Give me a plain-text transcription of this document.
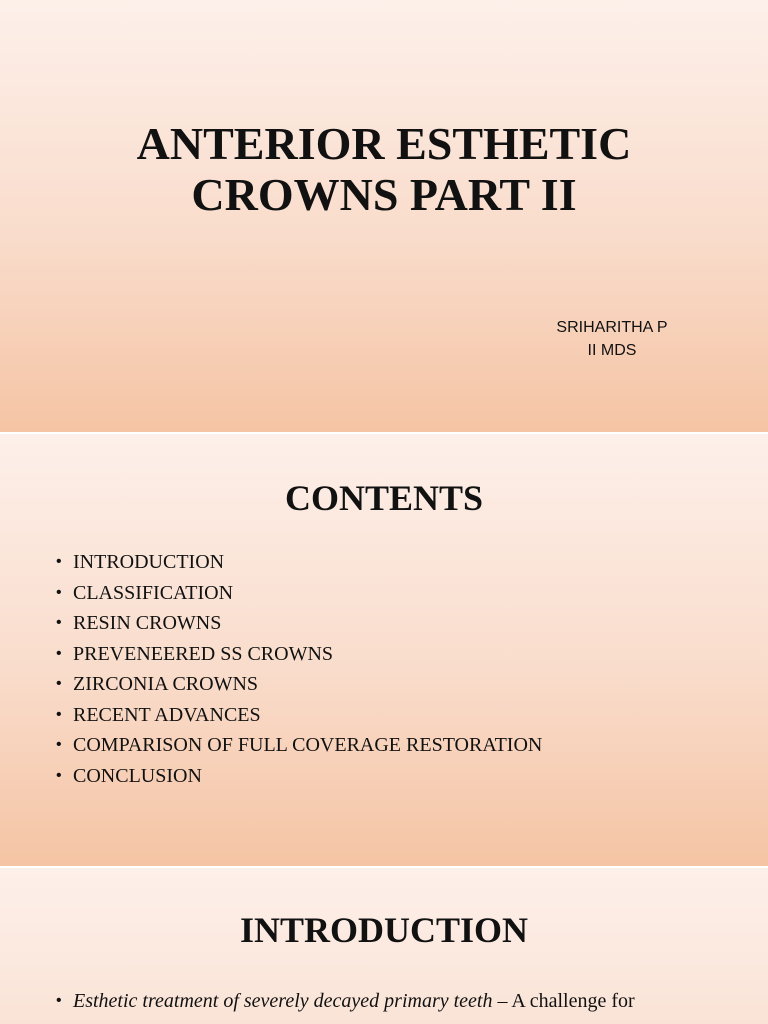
ANTERIOR ESTHETIC
CROWNS PART II
SRIHARITHA P
II MDS
CONTENTS
• INTRODUCTION
• CLASSIFICATION
• RESIN CROWNS
• PREVENEERED SS CROWNS
• ZIRCONIA CROWNS
• RECENT ADVANCES
• COMPARISON OF FULL COVERAGE RESTORATION
• CONCLUSION
INTRODUCTION
• Esthetic treatment of severely decayed primary teeth – A challenge for
